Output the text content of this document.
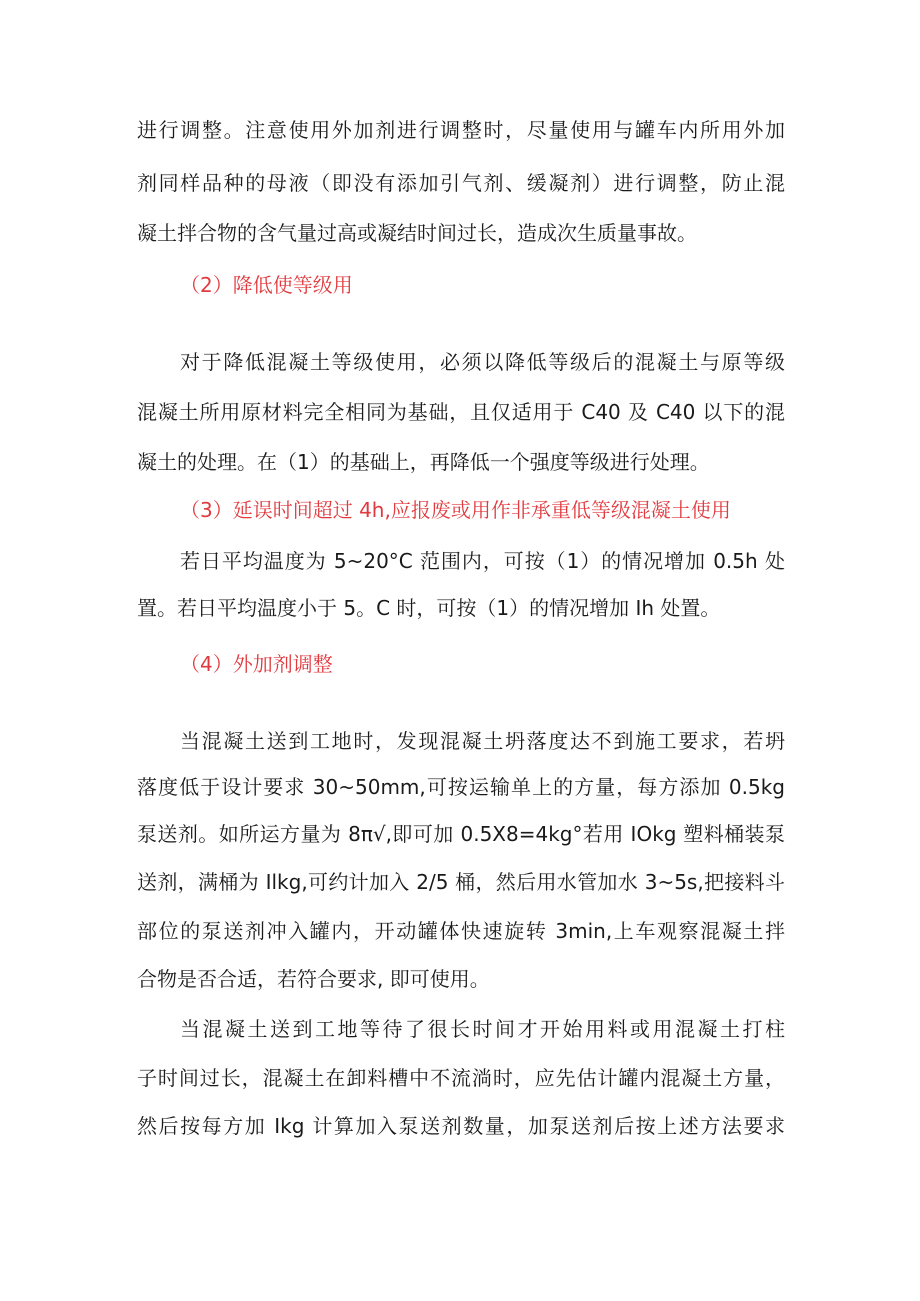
进行调整。注意使用外加剂进行调整时，尽量使用与罐车内所用外加
剂同样品种的母液（即没有添加引气剂、缓凝剂）进行调整，防止混
凝土拌合物的含气量过高或凝结时间过长，造成次生质量事故。
（2）降低使等级用
对于降低混凝土等级使用，必须以降低等级后的混凝土与原等级
混凝土所用原材料完全相同为基础，且仅适用于 C40 及 C40 以下的混
凝土的处理。在（1）的基础上，再降低一个强度等级进行处理。
（3）延误时间超过 4h,应报废或用作非承重低等级混凝土使用
若日平均温度为 5~20°C 范围内，可按（1）的情况增加 0.5h 处
置。若日平均温度小于 5。C 时，可按（1）的情况增加 Ih 处置。
（4）外加剂调整
当混凝土送到工地时，发现混凝土坍落度达不到施工要求，若坍
落度低于设计要求 30~50mm,可按运输单上的方量，每方添加 0.5kg
泵送剂。如所运方量为 8π√,即可加 0.5X8=4kg°若用 IOkg 塑料桶装泵
送剂，满桶为 Ilkg,可约计加入 2/5 桶，然后用水管加水 3~5s,把接料斗
部位的泵送剂冲入罐内，开动罐体快速旋转 3min,上车观察混凝土拌
合物是否合适，若符合要求, 即可使用。
当混凝土送到工地等待了很长时间才开始用料或用混凝土打柱
子时间过长，混凝土在卸料槽中不流淌时，应先估计罐内混凝土方量，
然后按每方加 Ikg 计算加入泵送剂数量，加泵送剂后按上述方法要求
